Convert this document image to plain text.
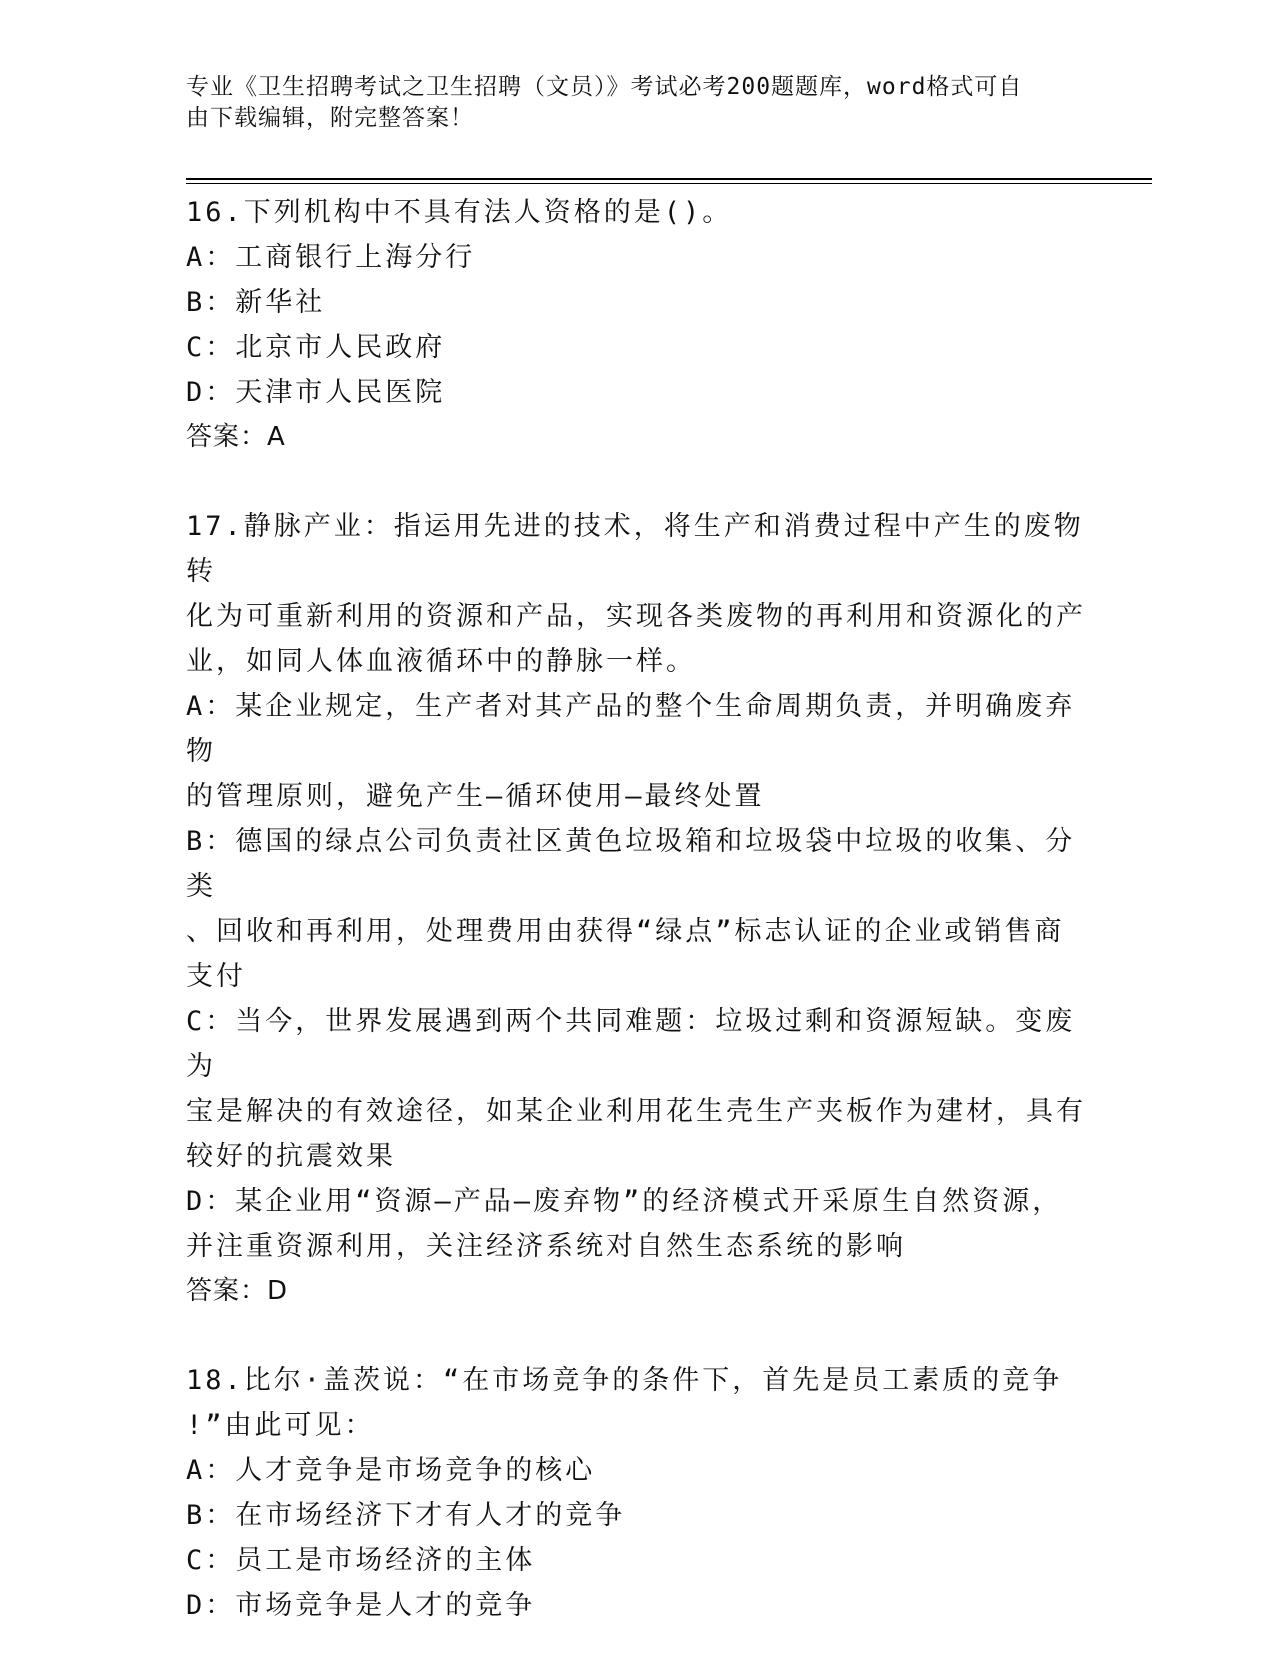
专业《卫生招聘考试之卫生招聘（文员）》考试必考200题题库，word格式可自
由下载编辑，附完整答案！
16.下列机构中不具有法人资格的是()。
A：工商银行上海分行
B：新华社
C：北京市人民政府
D：天津市人民医院
答案：A
17.静脉产业：指运用先进的技术，将生产和消费过程中产生的废物转
化为可重新利用的资源和产品，实现各类废物的再利用和资源化的产
业，如同人体血液循环中的静脉一样。
A：某企业规定，生产者对其产品的整个生命周期负责，并明确废弃物
的管理原则，避免产生—循环使用—最终处置
B：德国的绿点公司负责社区黄色垃圾箱和垃圾袋中垃圾的收集、分类
、回收和再利用，处理费用由获得“绿点”标志认证的企业或销售商
支付
C：当今，世界发展遇到两个共同难题：垃圾过剩和资源短缺。变废为
宝是解决的有效途径，如某企业利用花生壳生产夹板作为建材，具有
较好的抗震效果
D：某企业用“资源—产品—废弃物”的经济模式开采原生自然资源，
并注重资源利用，关注经济系统对自然生态系统的影响
答案：D
18.比尔·盖茨说：“在市场竞争的条件下，首先是员工素质的竞争
!”由此可见：
A：人才竞争是市场竞争的核心
B：在市场经济下才有人才的竞争
C：员工是市场经济的主体
D：市场竞争是人才的竞争
